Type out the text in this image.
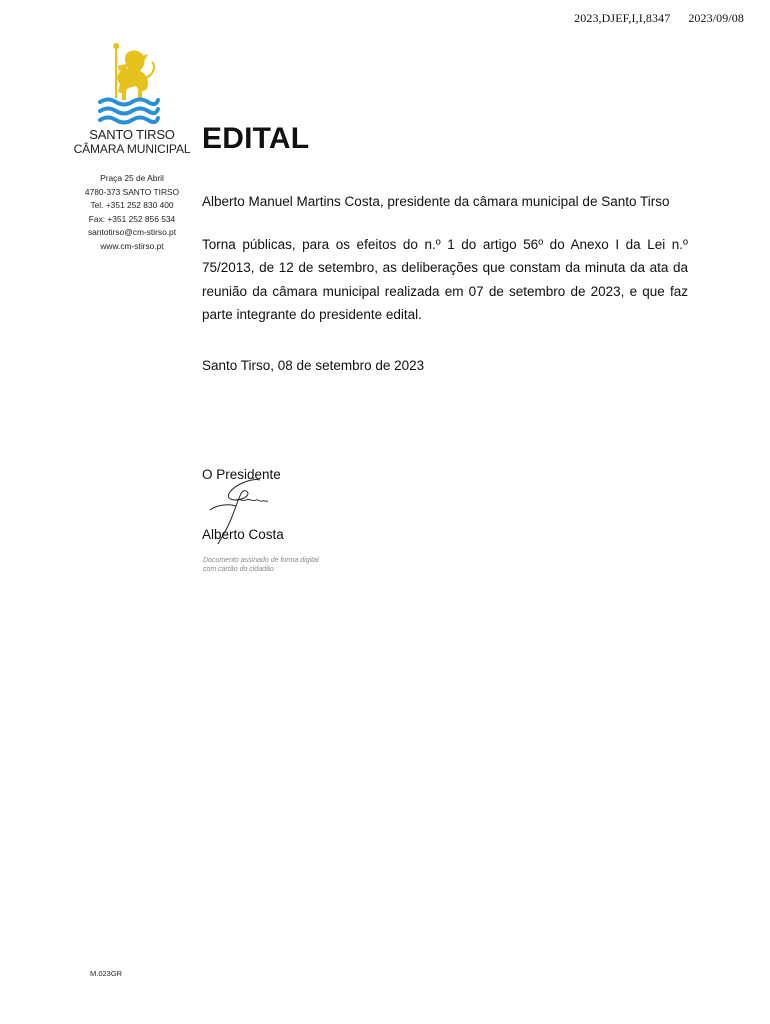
2023,DJEF,I,I,8347 2023/09/08
SANTO TIRSO
CÂMARA MUNICIPAL
Praça 25 de Abril
4780-373 SANTO TIRSO
Tel. +351 252 830 400
Fax: +351 252 856 534
santotirso@cm-stirso.pt
www.cm-stirso.pt
EDITAL

Alberto Manuel Martins Costa, presidente da câmara municipal de Santo Tirso

Torna públicas, para os efeitos do n.º 1 do artigo 56º do Anexo I da Lei n.º 75/2013, de 12 de setembro, as deliberações que constam da minuta da ata da reunião da câmara municipal realizada em 07 de setembro de 2023, e que faz parte integrante do presidente edital.

Santo Tirso, 08 de setembro de 2023

O Presidente
Alberto Costa
Documento assinado de forma digital
com cartão do cidadão
M.023GR
